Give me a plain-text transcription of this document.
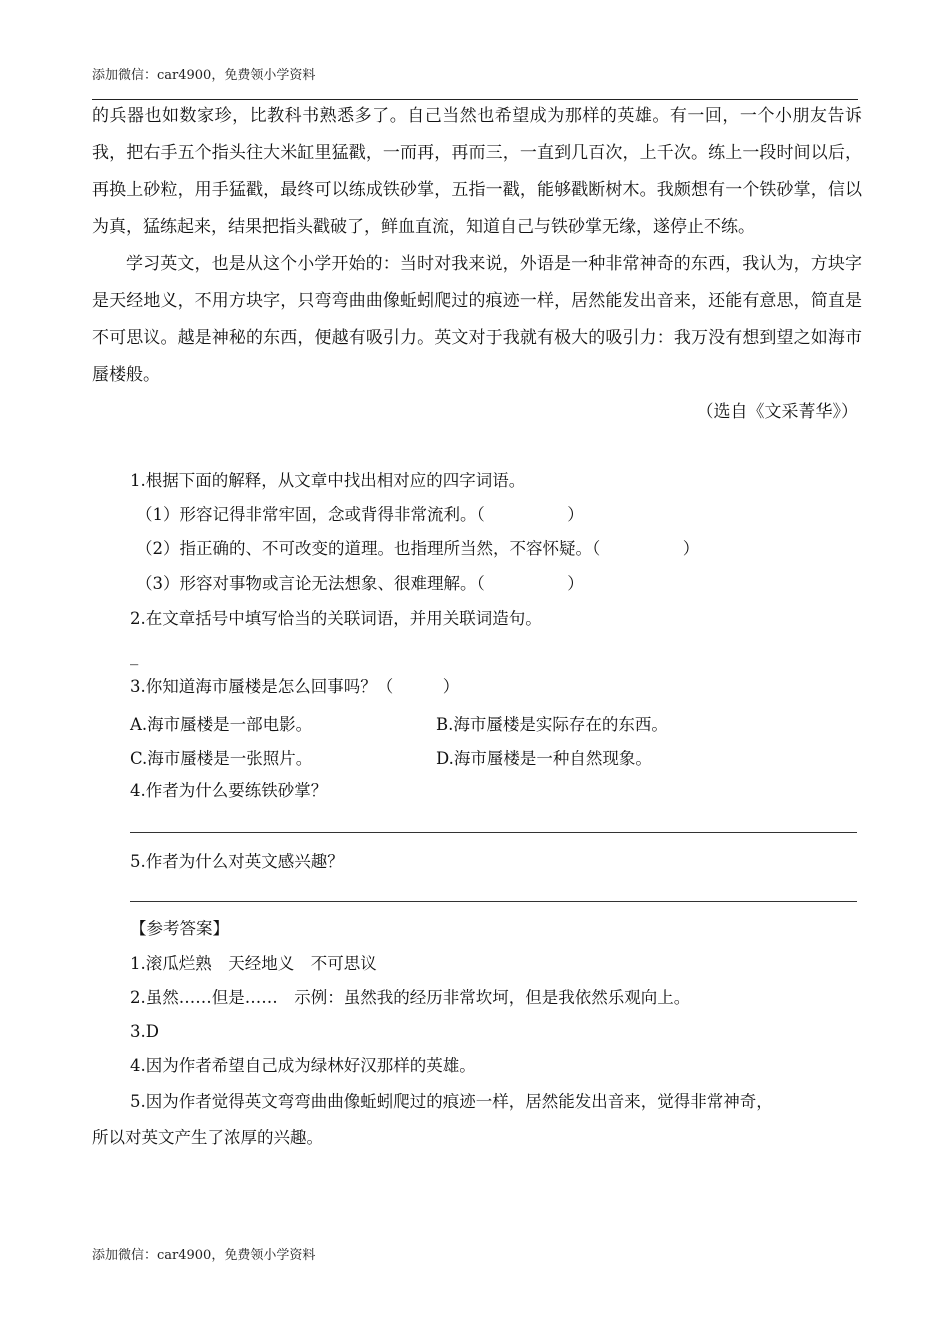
添加微信：car4900，免费领小学资料

的兵器也如数家珍，比教科书熟悉多了。自己当然也希望成为那样的英雄。有一回，一个小朋友告诉我，把右手五个指头往大米缸里猛戳，一而再，再而三，一直到几百次，上千次。练上一段时间以后，再换上砂粒，用手猛戳，最终可以练成铁砂掌，五指一戳，能够戳断树木。我颇想有一个铁砂掌，信以为真，猛练起来，结果把指头戳破了，鲜血直流，知道自己与铁砂掌无缘，遂停止不练。

学习英文，也是从这个小学开始的：当时对我来说，外语是一种非常神奇的东西，我认为，方块字是天经地义，不用方块字，只弯弯曲曲像蚯蚓爬过的痕迹一样，居然能发出音来，还能有意思，简直是不可思议。越是神秘的东西，便越有吸引力。英文对于我就有极大的吸引力：我万没有想到望之如海市蜃楼般。

（选自《文采菁华》）

1.根据下面的解释，从文章中找出相对应的四字词语。
（1）形容记得非常牢固，念或背得非常流利。（　　　　　）
（2）指正确的、不可改变的道理。也指理所当然，不容怀疑。（　　　　　）
（3）形容对事物或言论无法想象、很难理解。（　　　　　）
2.在文章括号中填写恰当的关联词语，并用关联词造句。
_
3.你知道海市蜃楼是怎么回事吗？（　　　）
A.海市蜃楼是一部电影。	B.海市蜃楼是实际存在的东西。
C.海市蜃楼是一张照片。	D.海市蜃楼是一种自然现象。
4.作者为什么要练铁砂掌？
5.作者为什么对英文感兴趣？
【参考答案】
1.滚瓜烂熟　天经地义　不可思议
2.虽然……但是……　示例：虽然我的经历非常坎坷，但是我依然乐观向上。
3.D
4.因为作者希望自己成为绿林好汉那样的英雄。
5.因为作者觉得英文弯弯曲曲像蚯蚓爬过的痕迹一样，居然能发出音来，觉得非常神奇，
所以对英文产生了浓厚的兴趣。
添加微信：car4900，免费领小学资料
